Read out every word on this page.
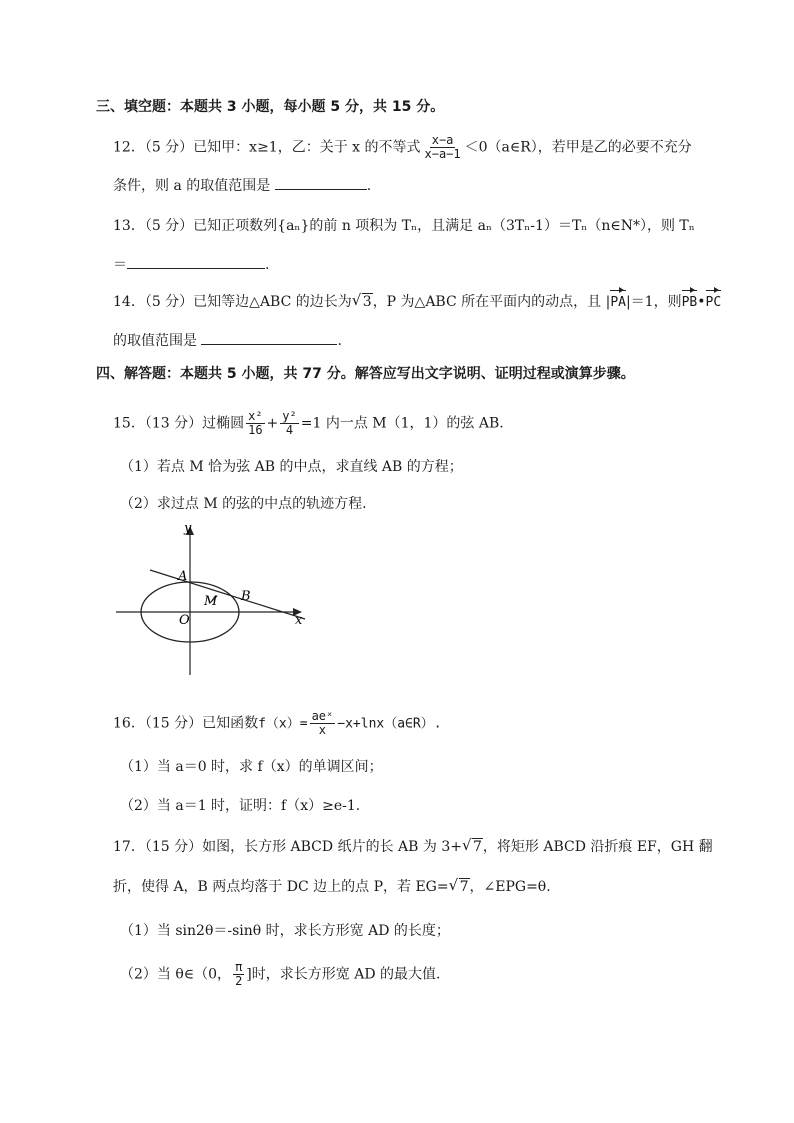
三、填空题：本题共 3 小题，每小题 5 分，共 15 分。
12．（5 分）已知甲：x≥1，乙：关于 x 的不等式 $\frac{x-a}{x-a-1}$ ＜0（a∈R），若甲是乙的必要不充分
条件，则 a 的取值范围是	.
13．（5 分）已知正项数列{aₙ}的前 n 项积为 Tₙ，且满足 aₙ（3Tₙ-1）＝Tₙ（n∈N*），则 Tₙ
＝	.
14．（5 分）已知等边△ABC 的边长为 √ 3，P 为△ABC 所在平面内的动点，且 |PA|＝1，则PB•PC
的取值范围是	.
四、解答题：本题共 5 小题，共 77 分。解答应写出文字说明、证明过程或演算步骤。
15．（13 分）过椭圆 $\frac{\text{x²}}{16} + \frac{\text{y²}}{4} =1$ 内一点 M（1，1）的弦 AB.
（1）若点 M 恰为弦 AB 的中点，求直线 AB 的方程；
（2）求过点 M 的弦的中点的轨迹方程.
y
x
A
B
M
O
16．（15 分）已知函数$f(x)= \frac{\text{aeˣ}}{x}$ −x+lnx（a∈R）.
（1）当 a＝0 时，求 f（x）的单调区间；
（2）当 a＝1 时，证明：f（x）≥e-1.
17．（15 分）如图，长方形 ABCD 纸片的长 AB 为 3+ √ 7，将矩形 ABCD 沿折痕 EF，GH 翻
折，使得 A，B 两点均落于 DC 边上的点 P，若 EG= √ 7，∠EPG=θ.
（1）当 sin2θ＝-sinθ 时，求长方形宽 AD 的长度；
（2）当 θ∈（0， $\frac{\pi}{2}$ ]时，求长方形宽 AD 的最大值.
